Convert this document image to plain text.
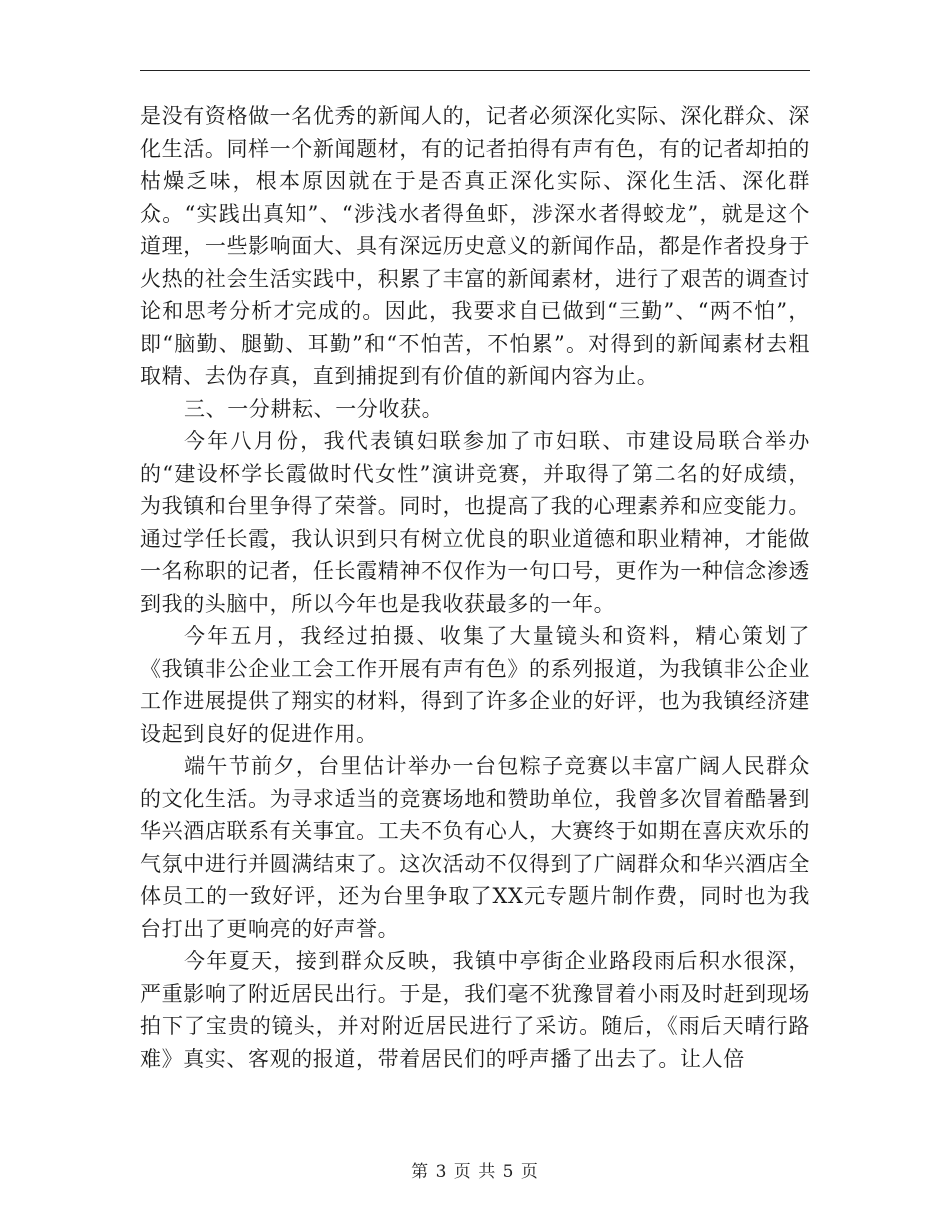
是没有资格做一名优秀的新闻人的，记者必须深化实际、深化群众、深化生活。同样一个新闻题材，有的记者拍得有声有色，有的记者却拍的枯燥乏味，根本原因就在于是否真正深化实际、深化生活、深化群众。“实践出真知”、“涉浅水者得鱼虾，涉深水者得蛟龙”，就是这个道理，一些影响面大、具有深远历史意义的新闻作品，都是作者投身于火热的社会生活实践中，积累了丰富的新闻素材，进行了艰苦的调查讨论和思考分析才完成的。因此，我要求自已做到“三勤”、“两不怕”，即“脑勤、腿勤、耳勤”和“不怕苦，不怕累”。对得到的新闻素材去粗取精、去伪存真，直到捕捉到有价值的新闻内容为止。

三、一分耕耘、一分收获。

今年八月份，我代表镇妇联参加了市妇联、市建设局联合举办的“建设杯学长霞做时代女性”演讲竞赛，并取得了第二名的好成绩，为我镇和台里争得了荣誉。同时，也提高了我的心理素养和应变能力。通过学任长霞，我认识到只有树立优良的职业道德和职业精神，才能做一名称职的记者，任长霞精神不仅作为一句口号，更作为一种信念渗透到我的头脑中，所以今年也是我收获最多的一年。

今年五月，我经过拍摄、收集了大量镜头和资料，精心策划了《我镇非公企业工会工作开展有声有色》的系列报道，为我镇非公企业工作进展提供了翔实的材料，得到了许多企业的好评，也为我镇经济建设起到良好的促进作用。

端午节前夕，台里估计举办一台包粽子竞赛以丰富广阔人民群众的文化生活。为寻求适当的竞赛场地和赞助单位，我曾多次冒着酷暑到华兴酒店联系有关事宜。工夫不负有心人，大赛终于如期在喜庆欢乐的气氛中进行并圆满结束了。这次活动不仅得到了广阔群众和华兴酒店全体员工的一致好评，还为台里争取了XX元专题片制作费，同时也为我台打出了更响亮的好声誉。

今年夏天，接到群众反映，我镇中亭街企业路段雨后积水很深，严重影响了附近居民出行。于是，我们毫不犹豫冒着小雨及时赶到现场拍下了宝贵的镜头，并对附近居民进行了采访。随后，《雨后天晴行路难》真实、客观的报道，带着居民们的呼声播了出去了。让人倍

第 3 页 共 5 页
